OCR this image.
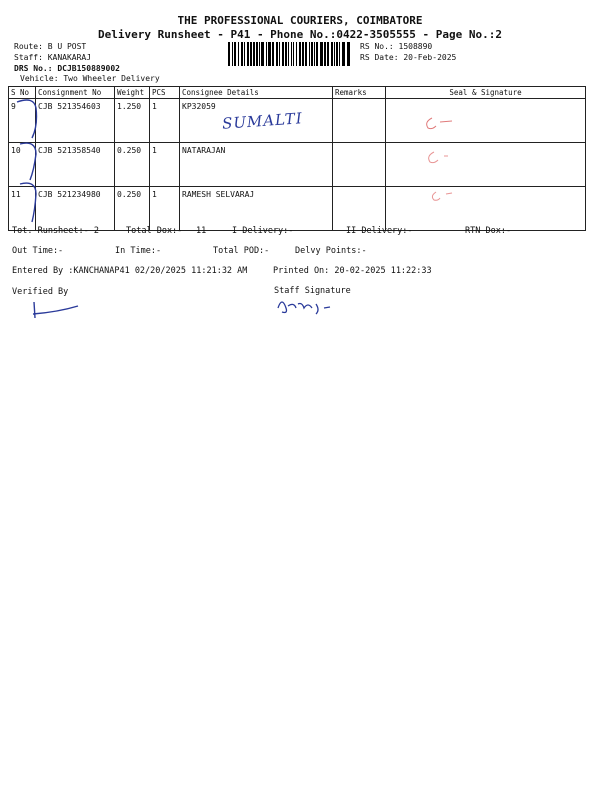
THE PROFESSIONAL COURIERS, COIMBATORE
Delivery Runsheet - P41 - Phone No.:0422-3505555 - Page No.:2
Route: B U POST
Staff: KANAKARAJ
DRS No.: DCJB150889002
Vehicle: Two Wheeler Delivery
RS No.: 1508890
RS Date: 20-Feb-2025
S No	Consignment No	Weight	PCS	Consignee Details	Remarks	Seal & Signature
9	CJB 521354603	1.250	1	KP32059		
10	CJB 521358540	0.250	1	NATARAJAN		
11	CJB 521234980	0.250	1	RAMESH SELVARAJ		
SUMALTI
Tot. Runsheet:- 2	Total Dox:- 11	I Delivery:-	II Delivery:-	RTN Dox:-
Out Time:-	In Time:-	Total POD:-	Delvy Points:-
Entered By :KANCHANAP41 02/20/2025 11:21:32 AM	Printed On: 20-02-2025 11:22:33
Verified By	Staff Signature
